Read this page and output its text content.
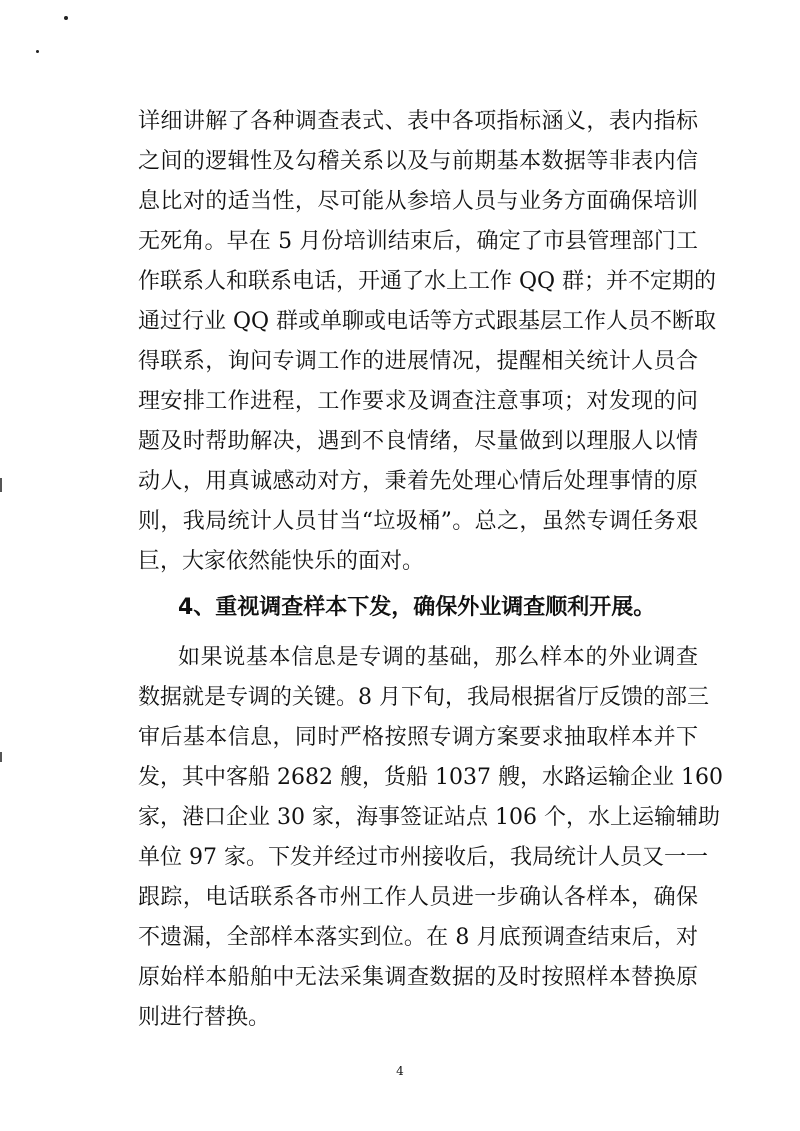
详细讲解了各种调查表式、表中各项指标涵义，表内指标
之间的逻辑性及勾稽关系以及与前期基本数据等非表内信
息比对的适当性，尽可能从参培人员与业务方面确保培训
无死角。早在 5 月份培训结束后，确定了市县管理部门工
作联系人和联系电话，开通了水上工作 QQ 群；并不定期的
通过行业 QQ 群或单聊或电话等方式跟基层工作人员不断取
得联系，询问专调工作的进展情况，提醒相关统计人员合
理安排工作进程，工作要求及调查注意事项；对发现的问
题及时帮助解决，遇到不良情绪，尽量做到以理服人以情
动人，用真诚感动对方，秉着先处理心情后处理事情的原
则，我局统计人员甘当“垃圾桶”。总之，虽然专调任务艰
巨，大家依然能快乐的面对。
4、重视调查样本下发，确保外业调查顺利开展。
如果说基本信息是专调的基础，那么样本的外业调查
数据就是专调的关键。8 月下旬，我局根据省厅反馈的部三
审后基本信息，同时严格按照专调方案要求抽取样本并下
发，其中客船 2682 艘，货船 1037 艘，水路运输企业 160
家，港口企业 30 家，海事签证站点 106 个，水上运输辅助
单位 97 家。下发并经过市州接收后，我局统计人员又一一
跟踪，电话联系各市州工作人员进一步确认各样本，确保
不遗漏，全部样本落实到位。在 8 月底预调查结束后，对
原始样本船舶中无法采集调查数据的及时按照样本替换原
则进行替换。
4
